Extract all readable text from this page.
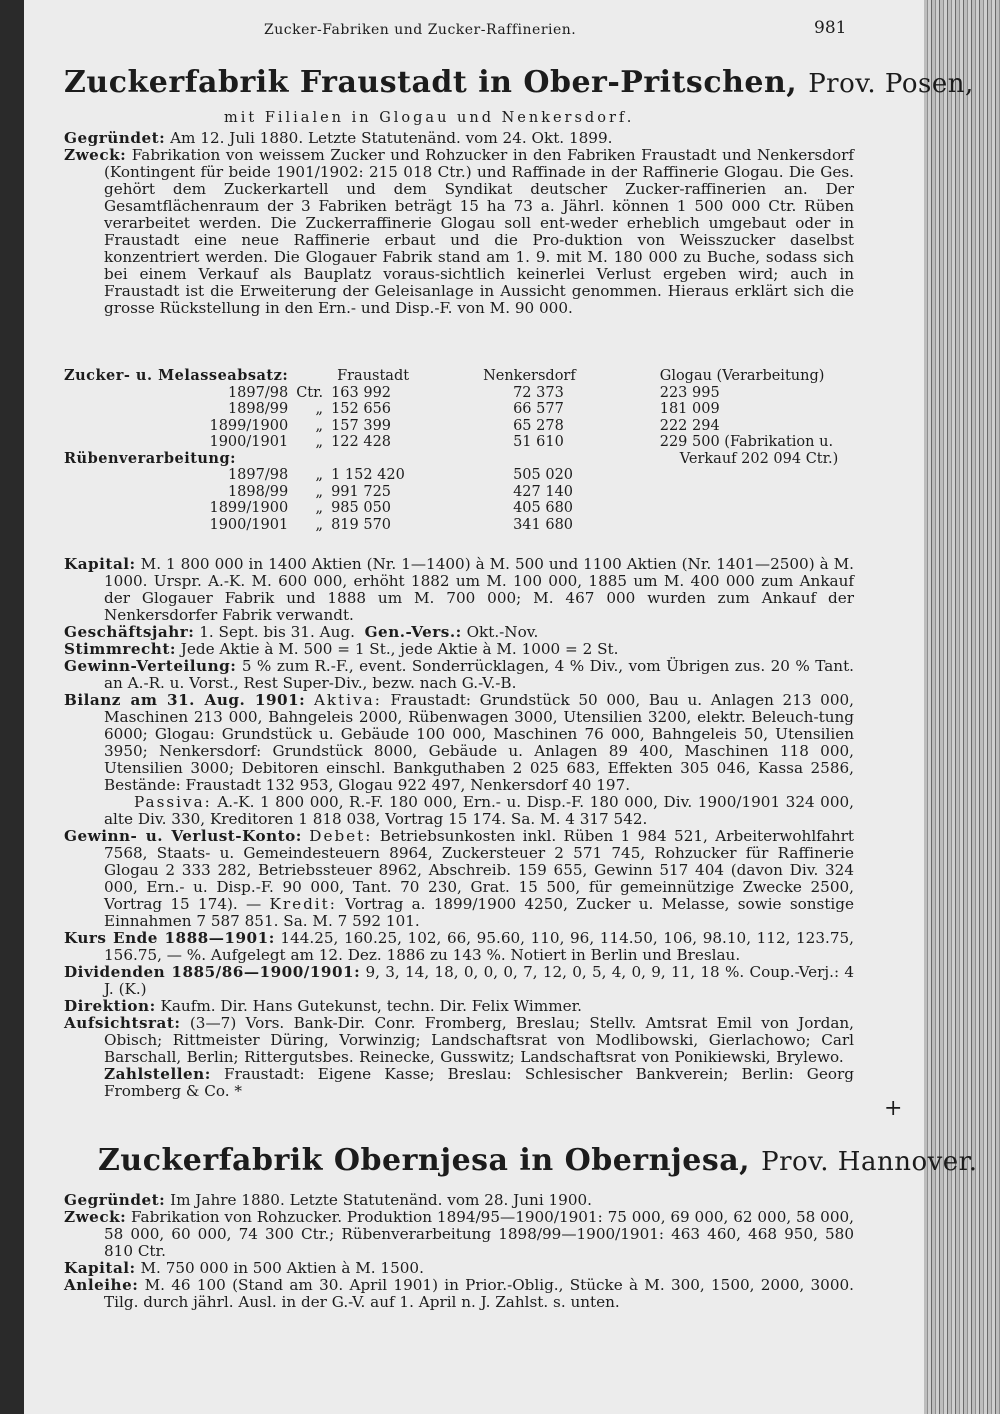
Zucker-Fabriken und Zucker-Raffinerien.	981
Zuckerfabrik Fraustadt in Ober-Pritschen, Prov. Posen,
mit Filialen in Glogau und Nenkersdorf.

Gegründet: Am 12. Juli 1880. Letzte Statutenänd. vom 24. Okt. 1899.

Zweck: Fabrikation von weissem Zucker und Rohzucker in den Fabriken Fraustadt und Nenkersdorf (Kontingent für beide 1901/1902: 215 018 Ctr.) und Raffinade in der Raffinerie Glogau. Die Ges. gehört dem Zuckerkartell und dem Syndikat deutscher Zucker-raffinerien an. Der Gesamtflächenraum der 3 Fabriken beträgt 15 ha 73 a. Jährl. können 1 500 000 Ctr. Rüben verarbeitet werden. Die Zuckerraffinerie Glogau soll ent-weder erheblich umgebaut oder in Fraustadt eine neue Raffinerie erbaut und die Pro-duktion von Weisszucker daselbst konzentriert werden. Die Glogauer Fabrik stand am 1. 9. mit M. 180 000 zu Buche, sodass sich bei einem Verkauf als Bauplatz voraus-sichtlich keinerlei Verlust ergeben wird; auch in Fraustadt ist die Erweiterung der Geleisanlage in Aussicht genommen. Hieraus erklärt sich die grosse Rückstellung in den Ern.- und Disp.-F. von M. 90 000.

Zucker- u. Melasseabsatz:		Fraustadt	Nenkersdorf	Glogau (Verarbeitung)
1897/98	Ctr.	163 992	72 373	223 995
1898/99	„	152 656	66 577	181 009
1899/1900	„	157 399	65 278	222 294
1900/1901	„	122 428	51 610	229 500 (Fabrikation u.
Rübenverarbeitung:				Verkauf 202 094 Ctr.)
1897/98	„	1 152 420	505 020	
1898/99	„	991 725	427 140	
1899/1900	„	985 050	405 680	
1900/1901	„	819 570	341 680	

Kapital: M. 1 800 000 in 1400 Aktien (Nr. 1—1400) à M. 500 und 1100 Aktien (Nr. 1401—2500) à M. 1000. Urspr. A.-K. M. 600 000, erhöht 1882 um M. 100 000, 1885 um M. 400 000 zum Ankauf der Glogauer Fabrik und 1888 um M. 700 000; M. 467 000 wurden zum Ankauf der Nenkersdorfer Fabrik verwandt.

Geschäftsjahr: 1. Sept. bis 31. Aug. Gen.-Vers.: Okt.-Nov.

Stimmrecht: Jede Aktie à M. 500 = 1 St., jede Aktie à M. 1000 = 2 St.

Gewinn-Verteilung: 5 % zum R.-F., event. Sonderrücklagen, 4 % Div., vom Übrigen zus. 20 % Tant. an A.-R. u. Vorst., Rest Super-Div., bezw. nach G.-V.-B.

Bilanz am 31. Aug. 1901: Aktiva: Fraustadt: Grundstück 50 000, Bau u. Anlagen 213 000, Maschinen 213 000, Bahngeleis 2000, Rübenwagen 3000, Utensilien 3200, elektr. Beleuch-tung 6000; Glogau: Grundstück u. Gebäude 100 000, Maschinen 76 000, Bahngeleis 50, Utensilien 3950; Nenkersdorf: Grundstück 8000, Gebäude u. Anlagen 89 400, Maschinen 118 000, Utensilien 3000; Debitoren einschl. Bankguthaben 2 025 683, Effekten 305 046, Kassa 2586, Bestände: Fraustadt 132 953, Glogau 922 497, Nenkersdorf 40 197.

Passiva: A.-K. 1 800 000, R.-F. 180 000, Ern.- u. Disp.-F. 180 000, Div. 1900/1901 324 000, alte Div. 330, Kreditoren 1 818 038, Vortrag 15 174. Sa. M. 4 317 542.

Gewinn- u. Verlust-Konto: Debet: Betriebsunkosten inkl. Rüben 1 984 521, Arbeiterwohlfahrt 7568, Staats- u. Gemeindesteuern 8964, Zuckersteuer 2 571 745, Rohzucker für Raffinerie Glogau 2 333 282, Betriebssteuer 8962, Abschreib. 159 655, Gewinn 517 404 (davon Div. 324 000, Ern.- u. Disp.-F. 90 000, Tant. 70 230, Grat. 15 500, für gemeinnützige Zwecke 2500, Vortrag 15 174). — Kredit: Vortrag a. 1899/1900 4250, Zucker u. Melasse, sowie sonstige Einnahmen 7 587 851. Sa. M. 7 592 101.

Kurs Ende 1888—1901: 144.25, 160.25, 102, 66, 95.60, 110, 96, 114.50, 106, 98.10, 112, 123.75, 156.75, — %. Aufgelegt am 12. Dez. 1886 zu 143 %. Notiert in Berlin und Breslau.

Dividenden 1885/86—1900/1901: 9, 3, 14, 18, 0, 0, 0, 7, 12, 0, 5, 4, 0, 9, 11, 18 %. Coup.-Verj.: 4 J. (K.)

Direktion: Kaufm. Dir. Hans Gutekunst, techn. Dir. Felix Wimmer.

Aufsichtsrat: (3—7) Vors. Bank-Dir. Conr. Fromberg, Breslau; Stellv. Amtsrat Emil von Jordan, Obisch; Rittmeister Düring, Vorwinzig; Landschaftsrat von Modlibowski, Gierlachowo; Carl Barschall, Berlin; Rittergutsbes. Reinecke, Gusswitz; Landschaftsrat von Ponikiewski, Brylewo.   Zahlstellen: Fraustadt: Eigene Kasse; Breslau: Schlesischer Bankverein; Berlin: Georg Fromberg & Co. *

+
Zuckerfabrik Obernjesa in Obernjesa, Prov. Hannover.

Gegründet: Im Jahre 1880. Letzte Statutenänd. vom 28. Juni 1900.

Zweck: Fabrikation von Rohzucker. Produktion 1894/95—1900/1901: 75 000, 69 000, 62 000, 58 000, 58 000, 60 000, 74 300 Ctr.; Rübenverarbeitung 1898/99—1900/1901: 463 460, 468 950, 580 810 Ctr.

Kapital: M. 750 000 in 500 Aktien à M. 1500.

Anleihe: M. 46 100 (Stand am 30. April 1901) in Prior.-Oblig., Stücke à M. 300, 1500, 2000, 3000. Tilg. durch jährl. Ausl. in der G.-V. auf 1. April n. J. Zahlst. s. unten.
